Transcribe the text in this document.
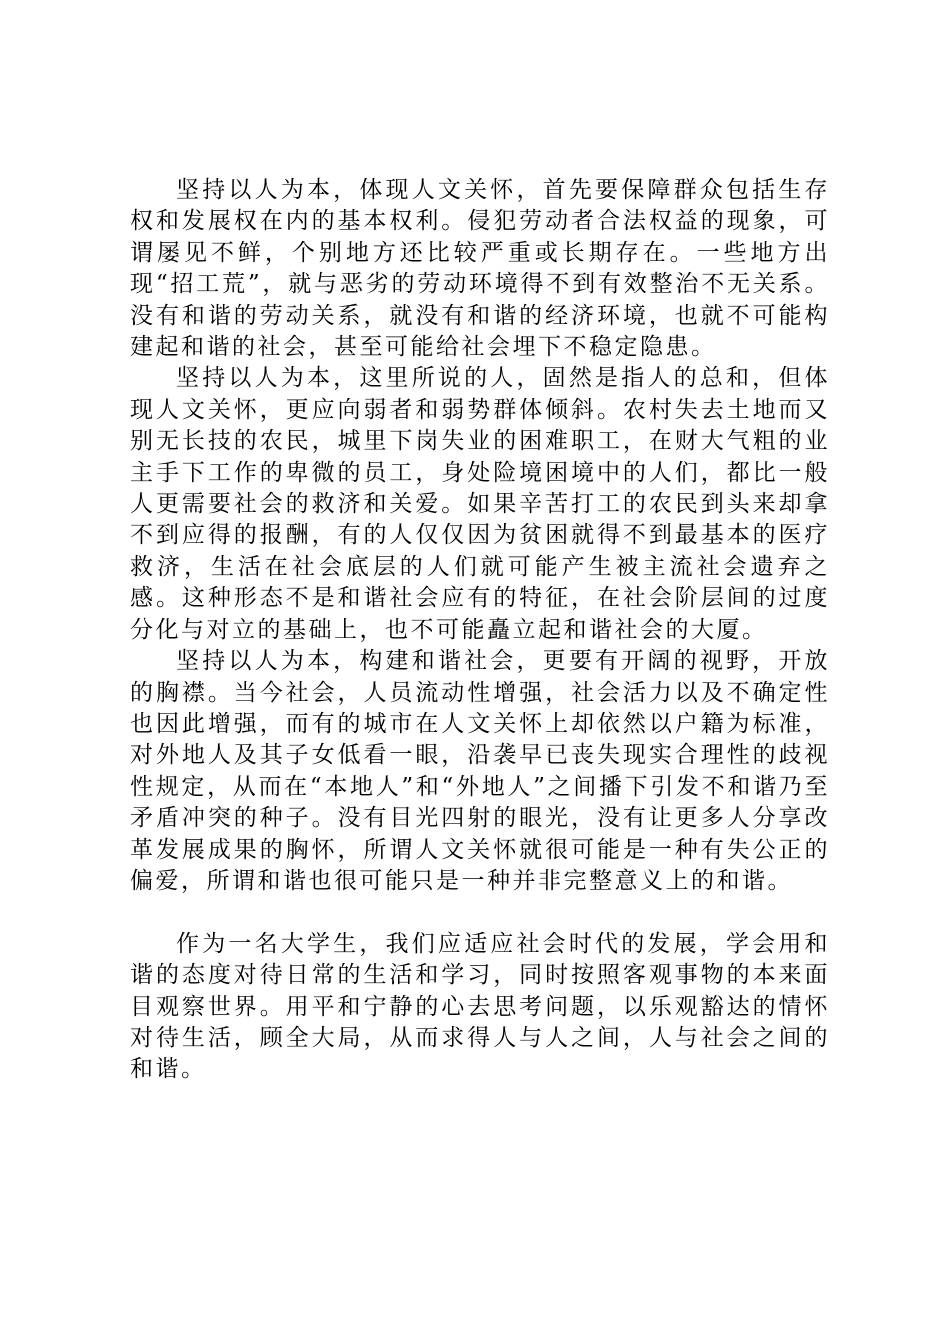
坚持以人为本，体现人文关怀，首先要保障群众包括生存权和发展权在内的基本权利。侵犯劳动者合法权益的现象，可谓屡见不鲜，个别地方还比较严重或长期存在。一些地方出现“招工荒”，就与恶劣的劳动环境得不到有效整治不无关系。没有和谐的劳动关系，就没有和谐的经济环境，也就不可能构建起和谐的社会，甚至可能给社会埋下不稳定隐患。

坚持以人为本，这里所说的人，固然是指人的总和，但体现人文关怀，更应向弱者和弱势群体倾斜。农村失去土地而又别无长技的农民，城里下岗失业的困难职工，在财大气粗的业主手下工作的卑微的员工，身处险境困境中的人们，都比一般人更需要社会的救济和关爱。如果辛苦打工的农民到头来却拿不到应得的报酬，有的人仅仅因为贫困就得不到最基本的医疗救济，生活在社会底层的人们就可能产生被主流社会遗弃之感。这种形态不是和谐社会应有的特征，在社会阶层间的过度分化与对立的基础上，也不可能矗立起和谐社会的大厦。

坚持以人为本，构建和谐社会，更要有开阔的视野，开放的胸襟。当今社会，人员流动性增强，社会活力以及不确定性也因此增强，而有的城市在人文关怀上却依然以户籍为标准，对外地人及其子女低看一眼，沿袭早已丧失现实合理性的歧视性规定，从而在“本地人”和“外地人”之间播下引发不和谐乃至矛盾冲突的种子。没有目光四射的眼光，没有让更多人分享改革发展成果的胸怀，所谓人文关怀就很可能是一种有失公正的偏爱，所谓和谐也很可能只是一种并非完整意义上的和谐。

作为一名大学生，我们应适应社会时代的发展，学会用和谐的态度对待日常的生活和学习，同时按照客观事物的本来面目观察世界。用平和宁静的心去思考问题，以乐观豁达的情怀对待生活，顾全大局，从而求得人与人之间，人与社会之间的和谐。
